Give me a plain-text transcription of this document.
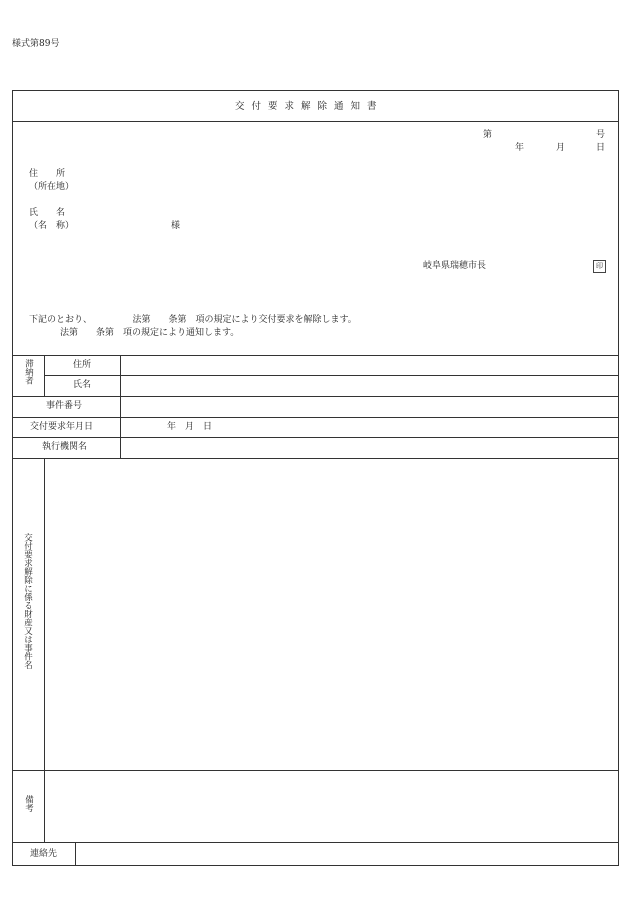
様式第89号
交付要求解除通知書
第	号
年	月	日
住　　所
（所在地）
氏　　名
（名　称）	様
岐阜県瑞穂市長	印
下記のとおり、　　　　　法第　　条第　項の規定により交付要求を解除します。
法第　　条第　項の規定により通知します。
滞納者	住所
氏名
事件番号
交付要求年月日	年　月　日
執行機関名
交付要求解除に係る財産又は事件名
備考
連絡先
